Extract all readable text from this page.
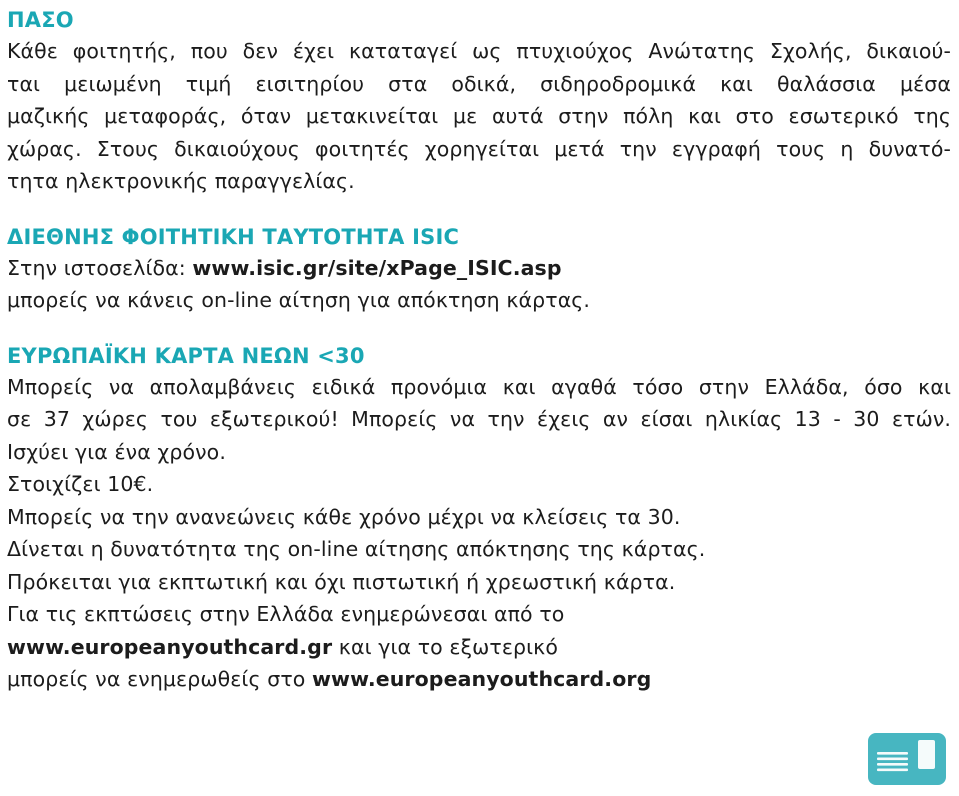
ΠΑΣΟ
Κάθε φοιτητής, που δεν έχει καταταγεί ως πτυχιούχος Ανώτατης Σχολής, δικαιού-
ται μειωμένη τιμή εισιτηρίου στα οδικά, σιδηροδρομικά και θαλάσσια μέσα
μαζικής μεταφοράς, όταν μετακινείται με αυτά στην πόλη και στο εσωτερικό της
χώρας. Στους δικαιούχους φοιτητές χορηγείται μετά την εγγραφή τους η δυνατό-
τητα ηλεκτρονικής παραγγελίας.
ΔΙΕΘΝΗΣ ΦΟΙΤΗΤΙΚΗ ΤΑΥΤΟΤΗΤΑ ISIC
Στην ιστοσελίδα: www.isic.gr/site/xPage_ISIC.asp
μπορείς να κάνεις on-line αίτηση για απόκτηση κάρτας.
ΕΥΡΩΠΑΪΚΗ ΚΑΡΤΑ ΝΕΩΝ <30
Μπορείς να απολαμβάνεις ειδικά προνόμια και αγαθά τόσο στην Ελλάδα, όσο και
σε 37 χώρες του εξωτερικού! Μπορείς να την έχεις αν είσαι ηλικίας 13 - 30 ετών.
Ισχύει για ένα χρόνο.
Στοιχίζει 10€.
Μπορείς να την ανανεώνεις κάθε χρόνο μέχρι να κλείσεις τα 30.
Δίνεται η δυνατότητα της on-line αίτησης απόκτησης της κάρτας.
Πρόκειται για εκπτωτική και όχι πιστωτική ή χρεωστική κάρτα.
Για τις εκπτώσεις στην Ελλάδα ενημερώνεσαι από το
www.europeanyouthcard.gr και για το εξωτερικό
μπορείς να ενημερωθείς στο www.europeanyouthcard.org
